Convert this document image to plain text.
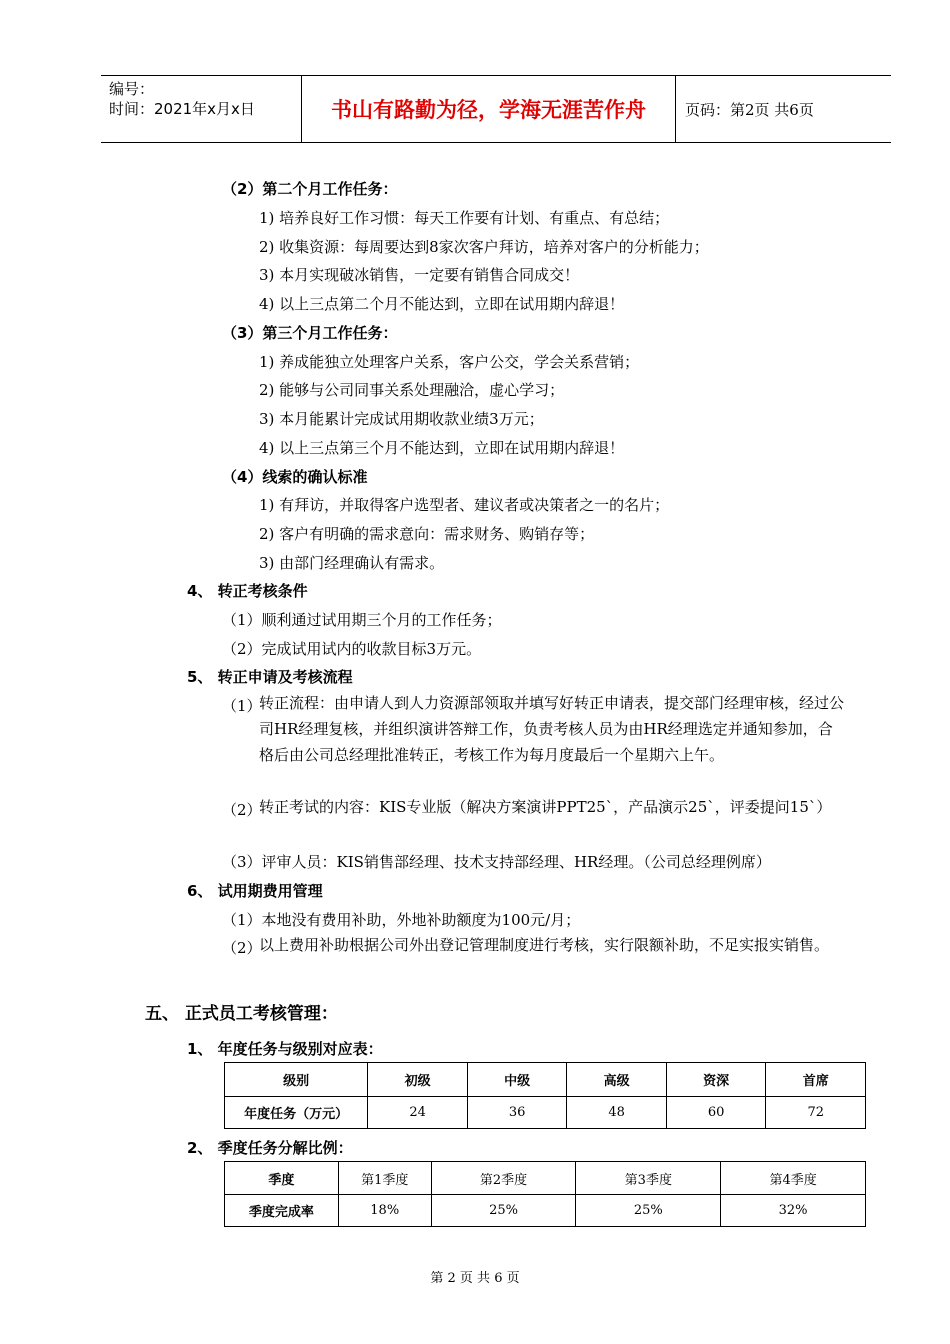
编号：
时间：2021年x月x日	书山有路勤为径，学海无涯苦作舟	页码：第2页 共6页
（2）第二个月工作任务：
1) 培养良好工作习惯：每天工作要有计划、有重点、有总结；
2) 收集资源：每周要达到8家次客户拜访，培养对客户的分析能力；
3) 本月实现破冰销售，一定要有销售合同成交！
4) 以上三点第二个月不能达到，立即在试用期内辞退！
（3）第三个月工作任务：
1) 养成能独立处理客户关系，客户公交，学会关系营销；
2) 能够与公司同事关系处理融洽，虚心学习；
3) 本月能累计完成试用期收款业绩3万元；
4) 以上三点第三个月不能达到，立即在试用期内辞退！
（4）线索的确认标准
1) 有拜访，并取得客户选型者、建议者或决策者之一的名片；
2) 客户有明确的需求意向：需求财务、购销存等；
3) 由部门经理确认有需求。
4、 转正考核条件
（1）顺利通过试用期三个月的工作任务；
（2）完成试用试内的收款目标3万元。
5、 转正申请及考核流程
（1）
转正流程：由申请人到人力资源部领取并填写好转正申请表，提交部门经理审核，经过公司HR经理复核，并组织演讲答辩工作，负责考核人员为由HR经理选定并通知参加，合格后由公司总经理批准转正，考核工作为每月度最后一个星期六上午。
（2）
转正考试的内容：KIS专业版（解决方案演讲PPT25`，产品演示25`，评委提问15`）
（3）评审人员：KIS销售部经理、技术支持部经理、HR经理。（公司总经理例席）
6、 试用期费用管理
（1）本地没有费用补助，外地补助额度为100元/月；
（2）
以上费用补助根据公司外出登记管理制度进行考核，实行限额补助，不足实报实销售。
五、 正式员工考核管理：
1、 年度任务与级别对应表：
级别	初级	中级	高级	资深	首席
年度任务（万元）	24	36	48	60	72
2、 季度任务分解比例：
季度	第1季度	第2季度	第3季度	第4季度
季度完成率	18%	25%	25%	32%
第 2 页 共 6 页
